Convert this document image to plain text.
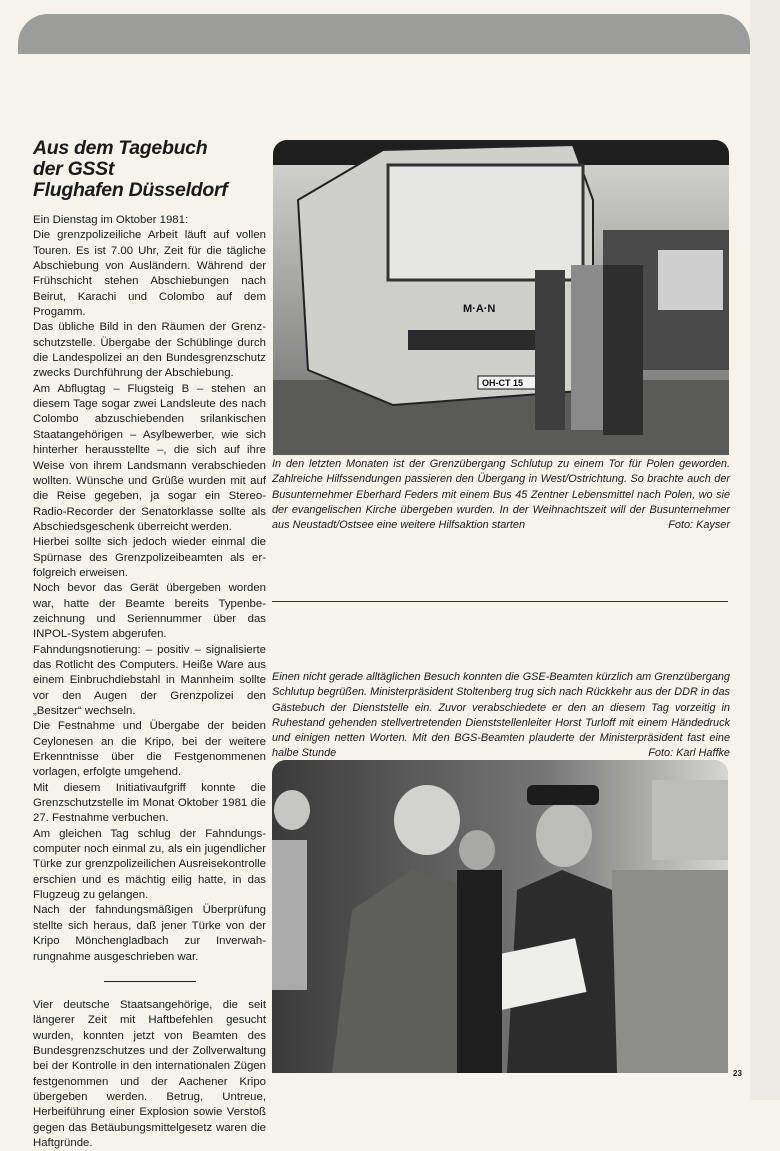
Aus dem Tagebuch
der GSSt
Flughafen Düsseldorf

Ein Dienstag im Oktober 1981:

Die grenzpolizeiliche Arbeit läuft auf vollen Touren. Es ist 7.00 Uhr, Zeit für die tägliche Abschiebung von Ausländern. Während der Frühschicht stehen Abschiebungen nach Beirut, Karachi und Colombo auf dem Progamm.

Das übliche Bild in den Räumen der Grenzschutzstelle. Übergabe der Schüblinge durch die Landespolizei an den Bundesgrenzschutz zwecks Durchführung der Abschiebung.

Am Abflugtag – Flugsteig B – stehen an diesem Tage sogar zwei Landsleute des nach Colombo abzuschiebenden srilankischen Staatangehörigen – Asylbewerber, wie sich hinterher herausstellte –, die sich auf ihre Weise von ihrem Landsmann verabschieden wollten. Wünsche und Grüße wurden mit auf die Reise gegeben, ja sogar ein Stereo-Radio-Recorder der Senatorklasse sollte als Abschiedsgeschenk überreicht werden.

Hierbei sollte sich jedoch wieder einmal die Spürnase des Grenzpolizeibeamten als erfolgreich erweisen.

Noch bevor das Gerät übergeben worden war, hatte der Beamte bereits Typenbezeichnung und Seriennummer über das INPOL-System abgerufen.

Fahndungsnotierung: – positiv – signalisierte das Rotlicht des Computers. Heiße Ware aus einem Einbruchdiebstahl in Mannheim sollte vor den Augen der Grenzpolizei den „Besitzer“ wechseln.

Die Festnahme und Übergabe der beiden Ceylonesen an die Kripo, bei der weitere Erkenntnisse über die Festgenommenen vorlagen, erfolgte umgehend.

Mit diesem Initiativaufgriff konnte die Grenzschutzstelle im Monat Oktober 1981 die 27. Festnahme verbuchen.

Am gleichen Tag schlug der Fahndungscomputer noch einmal zu, als ein jugendlicher Türke zur grenzpolizeilichen Ausreisekontrolle erschien und es mächtig eilig hatte, in das Flugzeug zu gelangen.

Nach der fahndungsmäßigen Überprüfung stellte sich heraus, daß jener Türke von der Kripo Mönchengladbach zur Inverwahrungnahme ausgeschrieben war.

Vier deutsche Staatsangehörige, die seit längerer Zeit mit Haftbefehlen gesucht wurden, konnten jetzt von Beamten des Bundesgrenzschutzes und der Zollverwaltung bei der Kontrolle in den internationalen Zügen festgenommen und der Aachener Kripo übergeben werden. Betrug, Untreue, Herbeiführung einer Explosion sowie Verstoß gegen das Betäubungsmittelgesetz waren die Haftgründe.

M·A·N
OH-CT 15
In den letzten Monaten ist der Grenzübergang Schlutup zu einem Tor für Polen geworden. Zahlreiche Hilfssendungen passieren den Übergang in West/Ostrichtung. So brachte auch der Busunternehmer Eberhard Feders mit einem Bus 45 Zentner Lebensmittel nach Polen, wo sie der evangelischen Kirche übergeben wurden. In der Weihnachtszeit will der Busunternehmer aus Neustadt/Ostsee eine weitere Hilfsaktion starten	Foto: Kayser
Einen nicht gerade alltäglichen Besuch konnten die GSE-Beamten kürzlich am Grenzübergang Schlutup begrüßen. Ministerpräsident Stoltenberg trug sich nach Rückkehr aus der DDR in das Gästebuch der Dienststelle ein. Zuvor verabschiedete er den an diesem Tag vorzeitig in Ruhestand gehenden stellvertretenden Dienststellenleiter Horst Turloff mit einem Händedruck und einigen netten Worten. Mit den BGS-Beamten plauderte der Ministerpräsident fast eine halbe Stunde	Foto: Karl Haffke
23
